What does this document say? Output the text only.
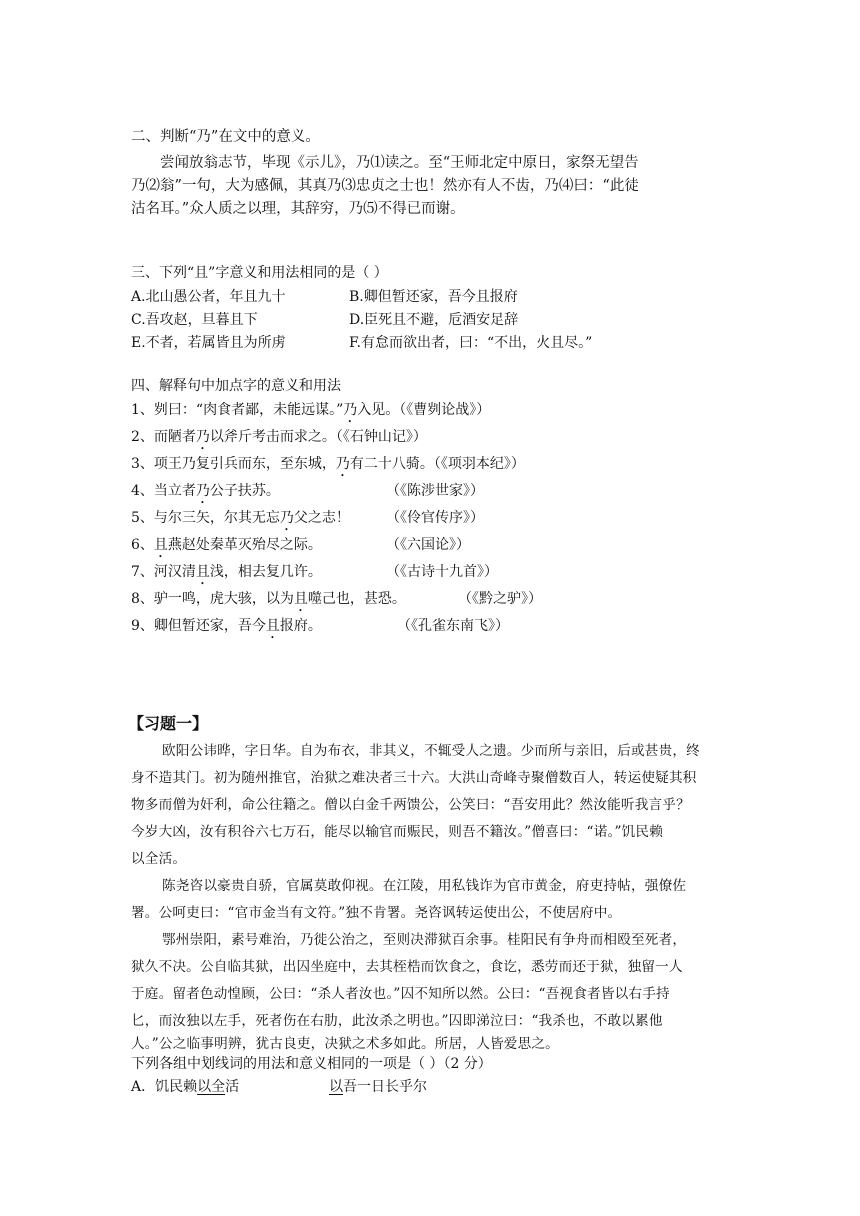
二、判断“乃”在文中的意义。
尝闻放翁志节，毕现《示儿》，乃⑴读之。至“王师北定中原日，家祭无望告
乃⑵翁”一句，大为感佩，其真乃⑶忠贞之士也！然亦有人不齿，乃⑷曰：“此徒
沽名耳。”众人质之以理，其辞穷，乃⑸不得已而谢。
三、下列“且”字意义和用法相同的是（ ）
A.北山愚公者，年且九十	B.卿但暂还家，吾今且报府
C.吾攻赵，旦暮且下	D.臣死且不避，卮酒安足辞
E.不者，若属皆且为所虏	F.有怠而欲出者，曰：“不出，火且尽。”
四、解释句中加点字的意义和用法
1、刿曰：“肉食者鄙，未能远谋。”乃入见。（《曹刿论战》）
2、而陋者乃以斧斤考击而求之。（《石钟山记》）
3、项王乃复引兵而东，至东城，乃有二十八骑。（《项羽本纪》）
4、当立者乃公子扶苏。	（《陈涉世家》）
5、与尔三矢，尔其无忘乃父之志！	（《伶官传序》）
6、且燕赵处秦革灭殆尽之际。	（《六国论》）
7、河汉清且浅，相去复几许。	（《古诗十九首》）
8、驴一鸣，虎大骇，以为且噬己也，甚恐。	（《黔之驴》）
9、卿但暂还家，吾今且报府。	（《孔雀东南飞》）
【习题一】
欧阳公讳晔，字日华。自为布衣，非其义，不辄受人之遗。少而所与亲旧，后或甚贵，终
身不造其门。初为随州推官，治狱之难决者三十六。大洪山奇峰寺聚僧数百人，转运使疑其积
物多而僧为奸利，命公往籍之。僧以白金千两馈公，公笑曰：“吾安用此？然汝能听我言乎？
今岁大凶，汝有积谷六七万石，能尽以输官而赈民，则吾不籍汝。”僧喜曰：“诺。”饥民赖
以全活。
陈尧咨以豪贵自骄，官属莫敢仰视。在江陵，用私钱诈为官市黄金，府吏持帖，强僚佐
署。公呵吏曰：“官市金当有文符。”独不肯署。尧咨讽转运使出公，不使居府中。
鄂州崇阳，素号难治，乃徙公治之，至则决滞狱百余事。桂阳民有争舟而相殴至死者，
狱久不决。公自临其狱，出囚坐庭中，去其桎梏而饮食之，食讫，悉劳而还于狱，独留一人
于庭。留者色动惶顾，公曰：“杀人者汝也。”囚不知所以然。公曰：“吾视食者皆以右手持
匕，而汝独以左手，死者伤在右肋，此汝杀之明也。”囚即涕泣曰：“我杀也，不敢以累他
人。”公之临事明辨，犹古良吏，决狱之术多如此。所居，人皆爱思之。
下列各组中划线词的用法和意义相同的一项是（ ）（2 分）
A．饥民赖以全活	以吾一日长乎尔
